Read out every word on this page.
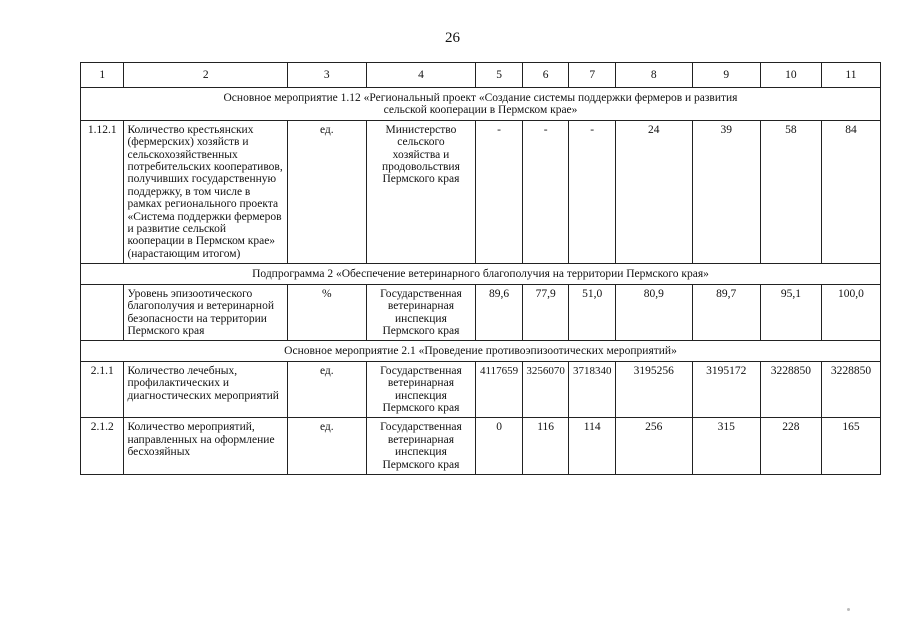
26
1	2	3	4	5	6	7	8	9	10	11

Основное мероприятие 1.12 «Региональный проект «Создание системы поддержки фермеров и развития сельской кооперации в Пермском крае»										

1.12.1	Количество крестьянских (фермерских) хозяйств и сельскохозяйственных потребительских кооперативов, получивших государственную поддержку, в том числе в рамках регионального проекта «Система поддержки фермеров и развитие сельской кооперации в Пермском крае» (нарастающим итогом)	ед.	Министерство сельского хозяйства и продовольствия Пермского края	-	-	-	24	39	58	84
Подпрограмма 2 «Обеспечение ветеринарного благополучия на территории Пермского края»										
	Уровень эпизоотического благополучия и ветеринарной безопасности на территории Пермского края	%	Государственная ветеринарная инспекция Пермского края	89,6	77,9	51,0	80,9	89,7	95,1	100,0
Основное мероприятие 2.1 «Проведение противоэпизоотических мероприятий»										
2.1.1	Количество лечебных, профилактических и диагностических мероприятий	ед.	Государственная ветеринарная инспекция Пермского края	4117659	3256070	3718340	3195256	3195172	3228850	3228850
2.1.2	Количество мероприятий, направленных на оформление бесхозяйных	ед.	Государственная ветеринарная инспекция Пермского края	0	116	114	256	315	228	165
